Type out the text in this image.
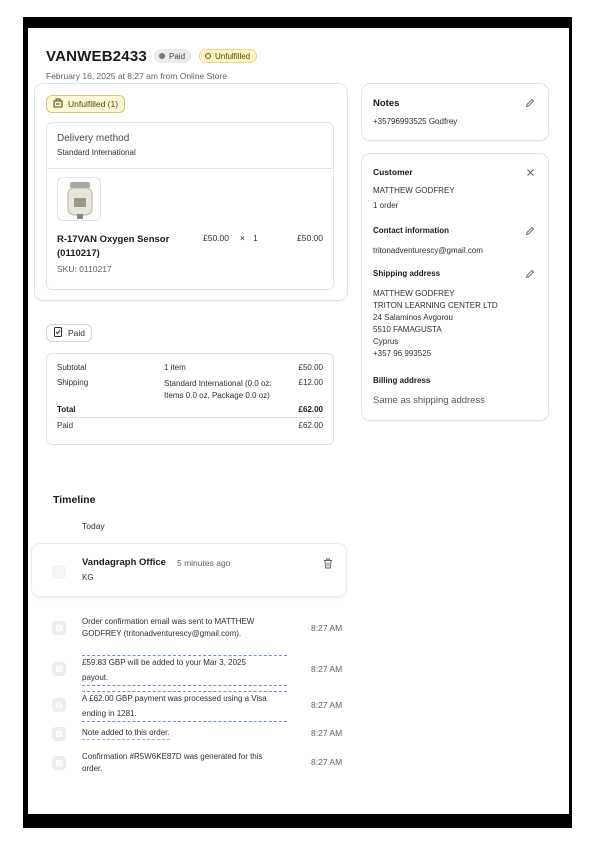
VANWEB2433	Paid	Unfulfilled
February 16, 2025 at 8:27 am from Online Store
Unfulfilled (1)
Delivery method
Standard International
R-17VAN Oxygen Sensor
(0110217)
SKU: 0110217
£50.00 × 1	£50.00
Paid
Subtotal	1 item	£50.00
Shipping	Standard International (0.0 oz:
Items 0.0 oz, Package 0.0 oz)
£12.00
Total	£62.00
Paid	£62.00
Notes
+35796993525 Godfrey
Customer
MATTHEW GODFREY
1 order
Contact information
tritonadventurescy@gmail.com
Shipping address
MATTHEW GODFREY
TRITON LEARNING CENTER LTD
24 Salaminos Avgorou
5510 FAMAGUSTA
Cyprus
+357 96 993525
Billing address
Same as shipping address
Timeline
Today
Vandagraph Office 5 minutes ago
KG
Order confirmation email was sent to MATTHEW
GODFREY (tritonadventurescy@gmail.com).
8:27 AM
£59.83 GBP will be added to your Mar 3, 2025
payout.
8:27 AM
A £62.00 GBP payment was processed using a Visa
ending in 1281.
8:27 AM
Note added to this order.	8:27 AM
Confirmation #R5W6KE87D was generated for this
order.
8:27 AM
